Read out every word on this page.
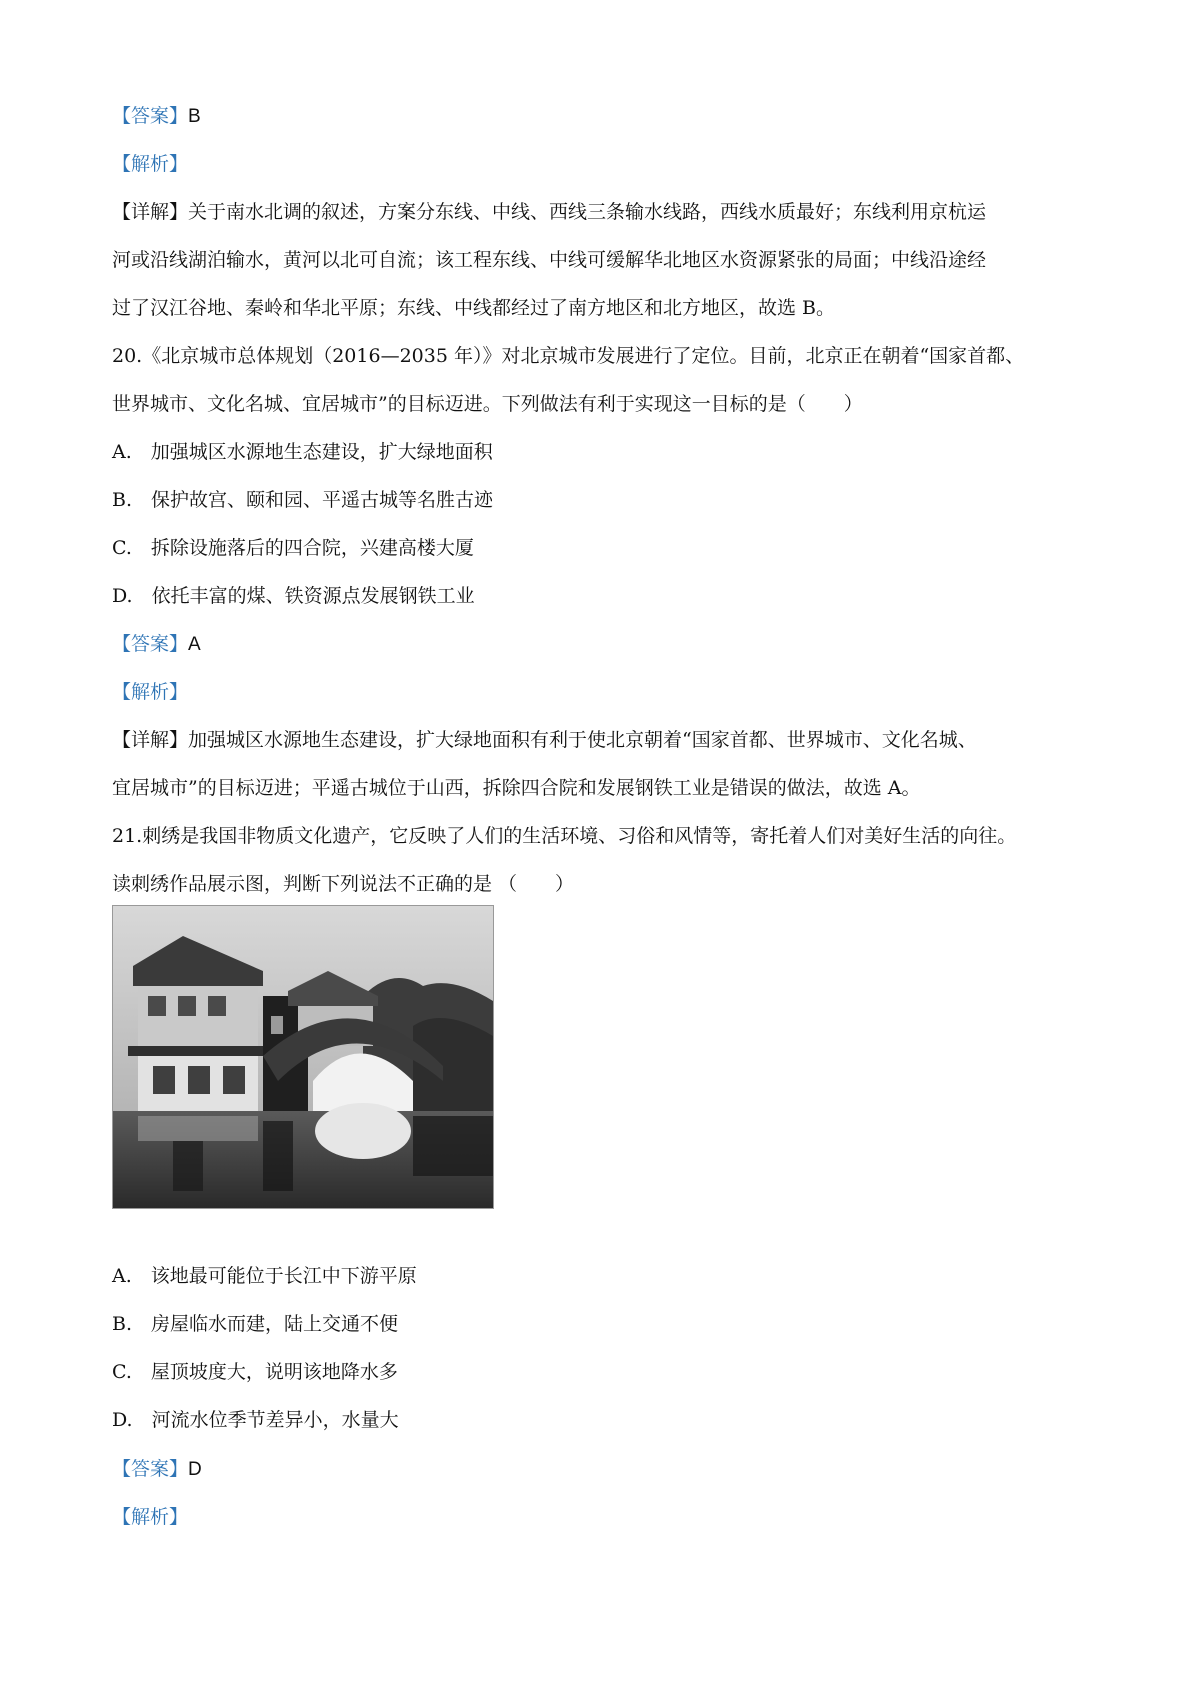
【答案】B
【解析】
【详解】关于南水北调的叙述，方案分东线、中线、西线三条输水线路，西线水质最好；东线利用京杭运
河或沿线湖泊输水，黄河以北可自流；该工程东线、中线可缓解华北地区水资源紧张的局面；中线沿途经
过了汉江谷地、秦岭和华北平原；东线、中线都经过了南方地区和北方地区，故选 B。
20.《北京城市总体规划（2016—2035 年）》对北京城市发展进行了定位。目前，北京正在朝着“国家首都、
世界城市、文化名城、宜居城市”的目标迈进。下列做法有利于实现这一目标的是（　　）
A.　加强城区水源地生态建设，扩大绿地面积
B.　保护故宫、颐和园、平遥古城等名胜古迹
C.　拆除设施落后的四合院，兴建高楼大厦
D.　依托丰富的煤、铁资源点发展钢铁工业
【答案】A
【解析】
【详解】加强城区水源地生态建设，扩大绿地面积有利于使北京朝着“国家首都、世界城市、文化名城、
宜居城市”的目标迈进；平遥古城位于山西，拆除四合院和发展钢铁工业是错误的做法，故选 A。
21.刺绣是我国非物质文化遗产，它反映了人们的生活环境、习俗和风情等，寄托着人们对美好生活的向往。
读刺绣作品展示图，判断下列说法不正确的是 （　　）
A.　该地最可能位于长江中下游平原
B.　房屋临水而建，陆上交通不便
C.　屋顶坡度大，说明该地降水多
D.　河流水位季节差异小，水量大
【答案】D
【解析】
